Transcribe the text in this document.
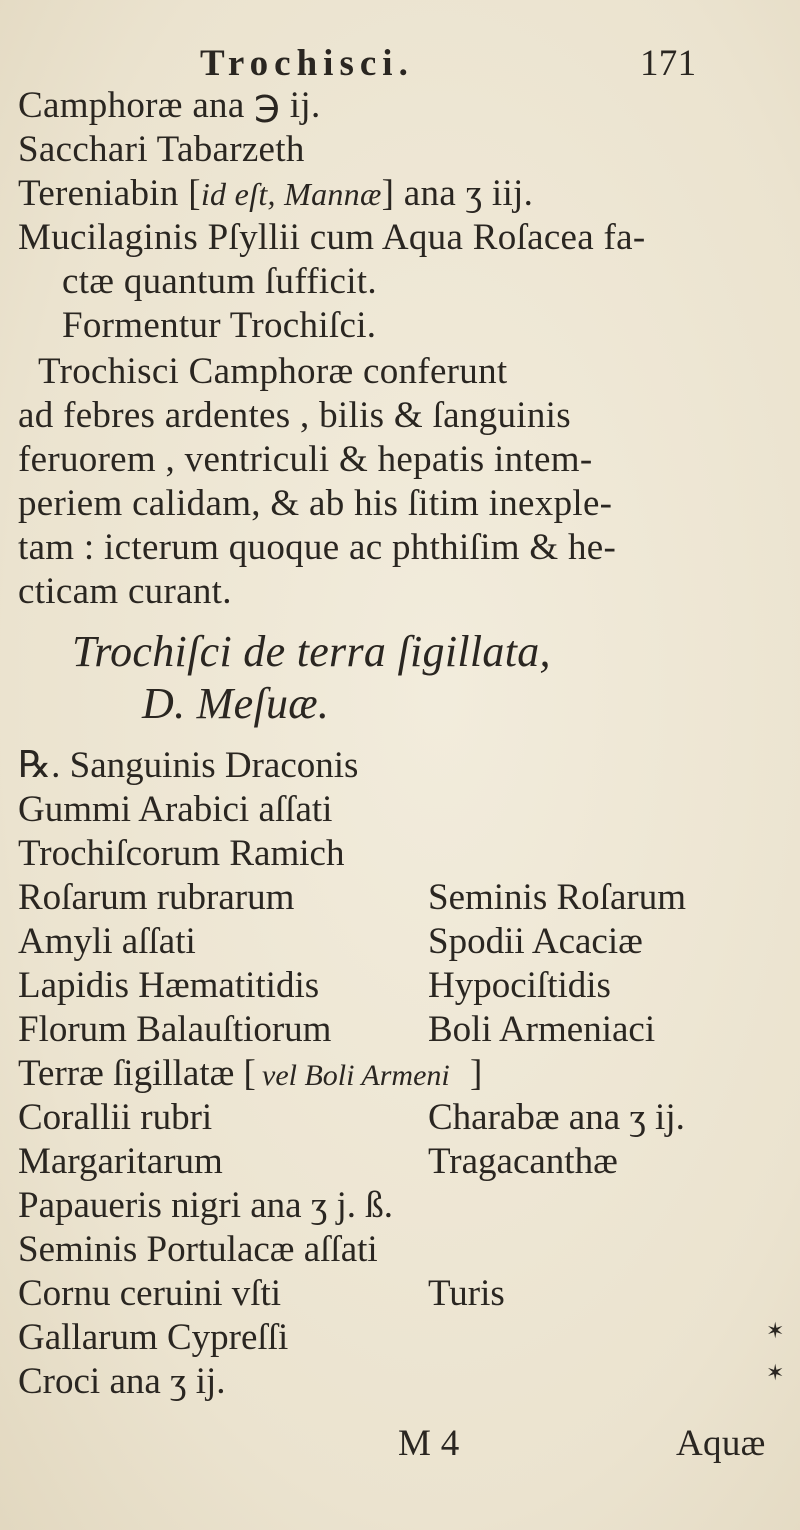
Trochisci.	171
Camphoræ ana ℈ ij.
Sacchari Tabarzeth
Tereniabin [id eſt, Mannæ] ana ʒ iij.
Mucilaginis Pſyllii cum Aqua Roſacea fa-
ctæ quantum ſufficit.
Formentur Trochiſci.
Trochisci Camphoræ conferunt
ad febres ardentes , bilis & ſanguinis
feruorem , ventriculi & hepatis intem-
periem calidam, & ab his ſitim inexple-
tam : icterum quoque ac phthiſim & he-
cticam curant.
Trochiſci de terra ſigillata,
D. Meſuæ.
℞. Sanguinis Draconis
Gummi Arabici aſſati
Trochiſcorum Ramich
Roſarum rubrarum	Seminis Roſarum
Amyli aſſati	Spodii Acaciæ
Lapidis Hæmatitidis	Hypociſtidis
Florum Balauſtiorum	Boli Armeniaci
Terræ ſigillatæ [ vel Boli Armeni ]
Corallii rubri	Charabæ ana ʒ ij.
Margaritarum	Tragacanthæ
Papaueris nigri ana ʒ j. ß.
Seminis Portulacæ aſſati
Cornu ceruini vſti	Turis
Gallarum Cypreſſi
Croci ana ʒ ij.
✶
✶
M 4	Aquæ
